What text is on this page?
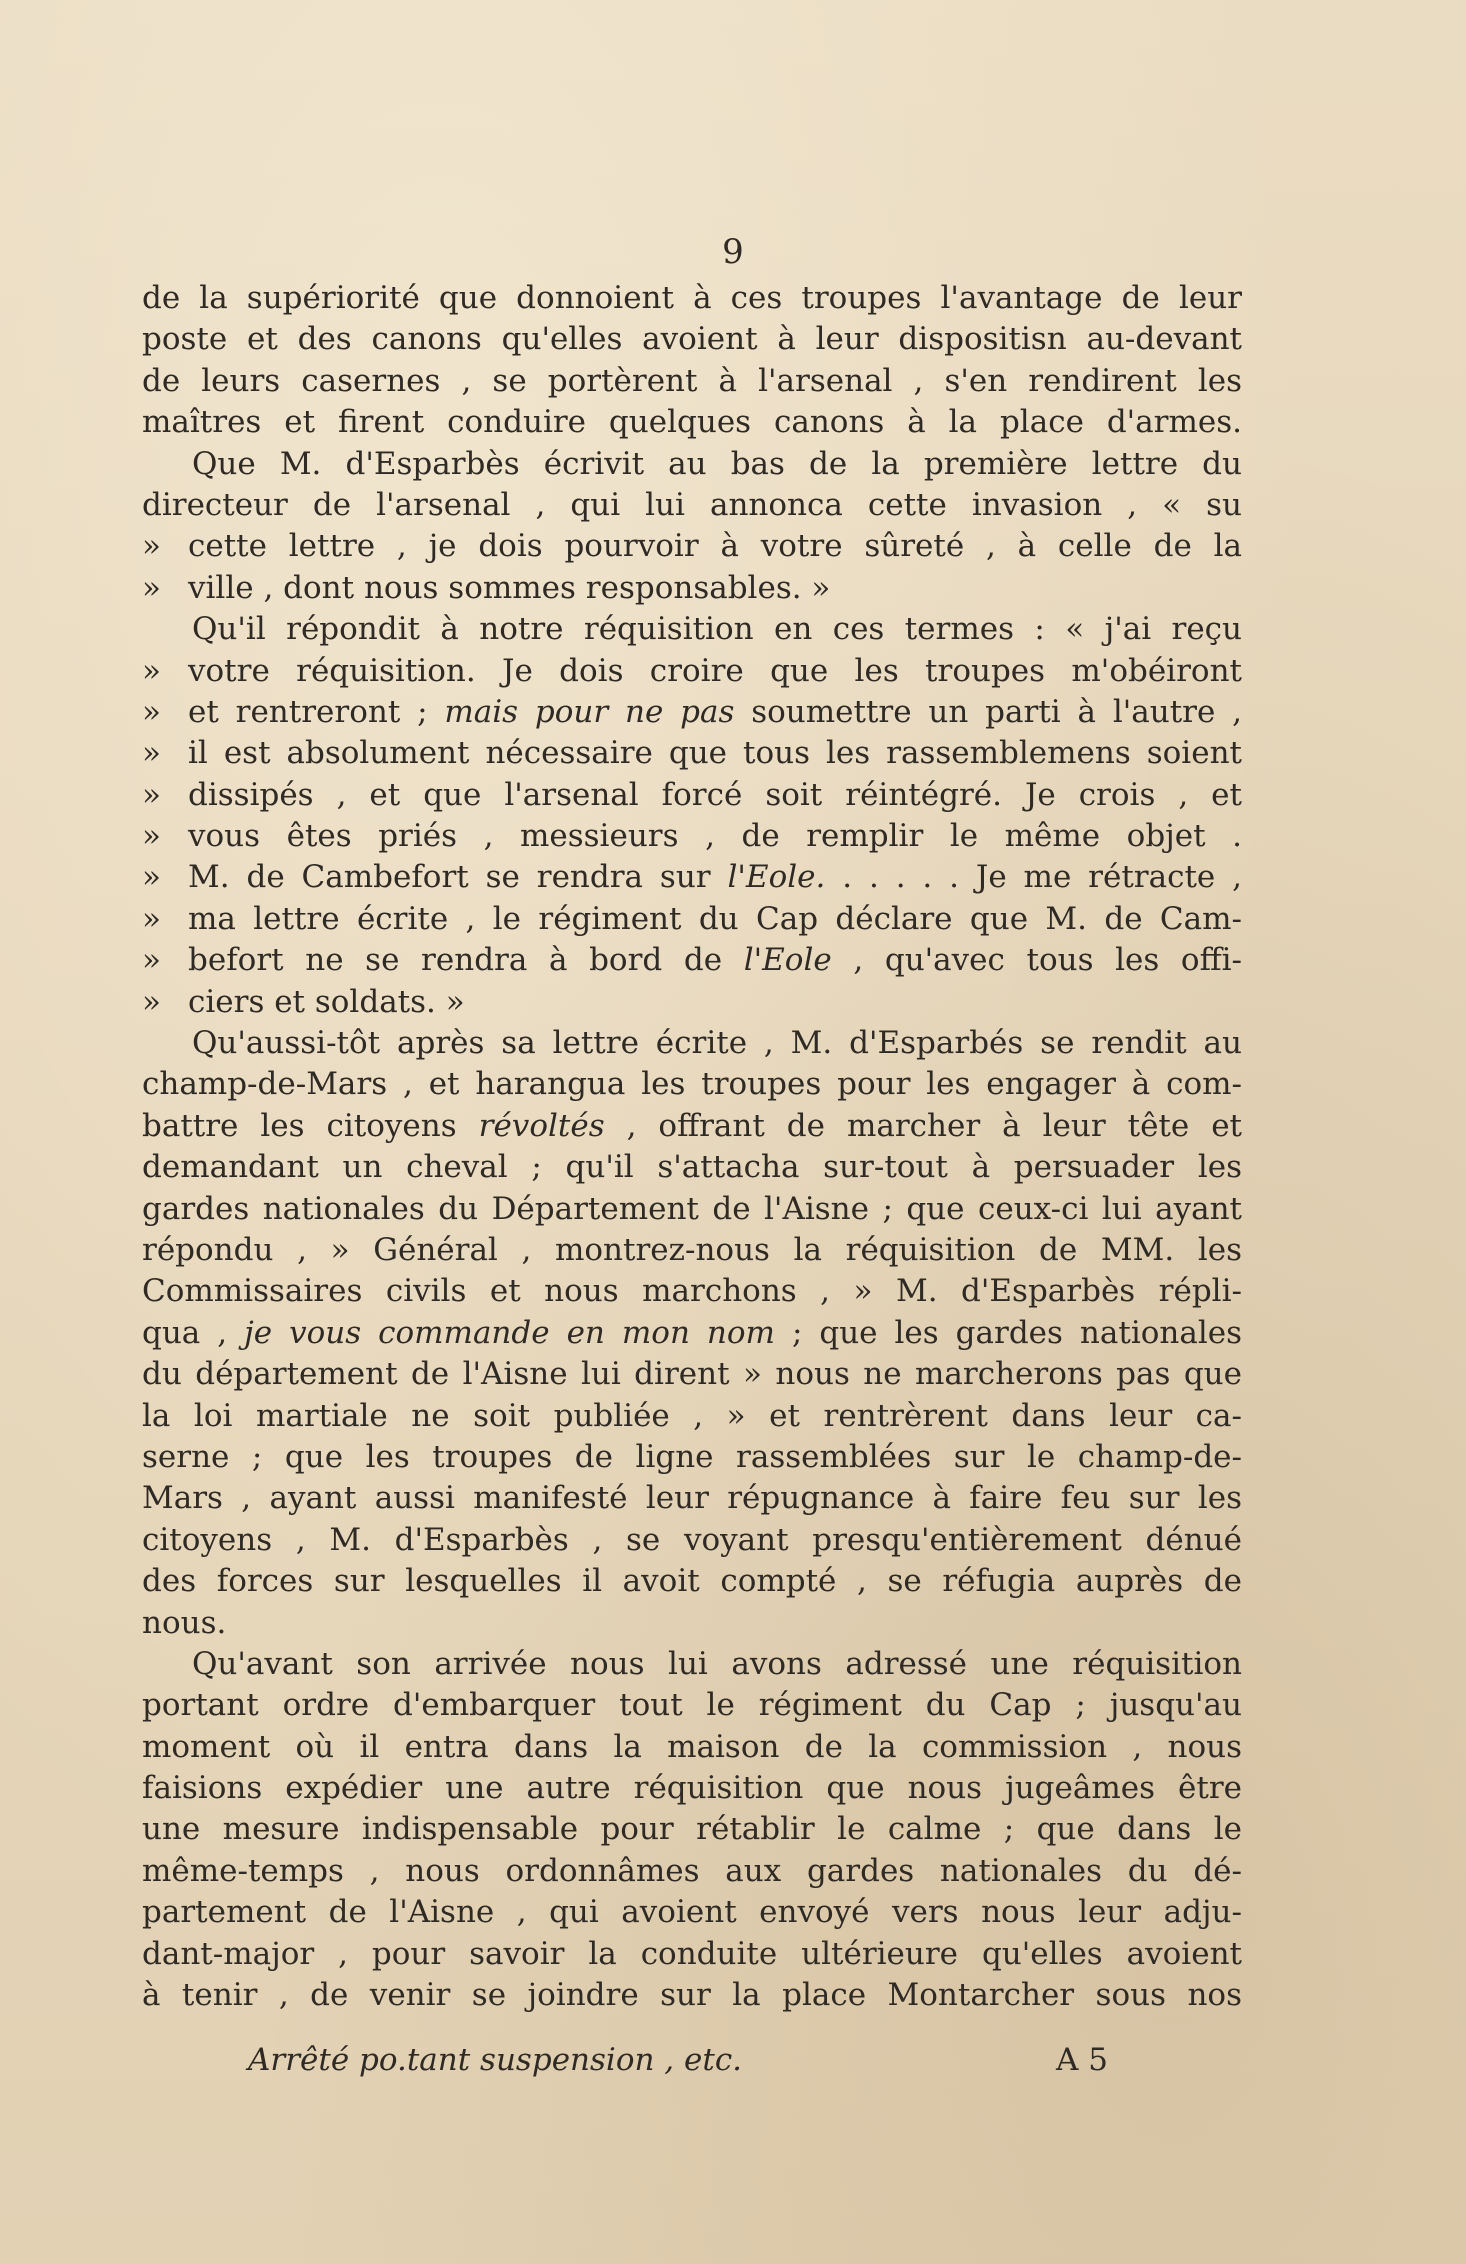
9
de la supériorité que donnoient à ces troupes l'avantage de leur
poste et des canons qu'elles avoient à leur dispositisn au-devant
de leurs casernes , se portèrent à l'arsenal , s'en rendirent les
maîtres et firent conduire quelques canons à la place d'armes.
Que M. d'Esparbès écrivit au bas de la première lettre du
directeur de l'arsenal , qui lui annonca cette invasion , « su
» cette lettre , je dois pourvoir à votre sûreté , à celle de la
» ville , dont nous sommes responsables. »
Qu'il répondit à notre réquisition en ces termes : « j'ai reçu
» votre réquisition. Je dois croire que les troupes m'obéiront
» et rentreront ; mais pour ne pas soumettre un parti à l'autre ,
» il est absolument nécessaire que tous les rassemblemens soient
» dissipés , et que l'arsenal forcé soit réintégré. Je crois , et
» vous êtes priés , messieurs , de remplir le même objet .
» M. de Cambefort se rendra sur l'Eole. . . . . . Je me rétracte ,
» ma lettre écrite , le régiment du Cap déclare que M. de Cam-
» befort ne se rendra à bord de l'Eole , qu'avec tous les offi-
» ciers et soldats. »
Qu'aussi-tôt après sa lettre écrite , M. d'Esparbés se rendit au
champ-de-Mars , et harangua les troupes pour les engager à com-
battre les citoyens révoltés , offrant de marcher à leur tête et
demandant un cheval ; qu'il s'attacha sur-tout à persuader les
gardes nationales du Département de l'Aisne ; que ceux-ci lui ayant
répondu , » Général , montrez-nous la réquisition de MM. les
Commissaires civils et nous marchons , » M. d'Esparbès répli-
qua , je vous commande en mon nom ; que les gardes nationales
du département de l'Aisne lui dirent » nous ne marcherons pas que
la loi martiale ne soit publiée , » et rentrèrent dans leur ca-
serne ; que les troupes de ligne rassemblées sur le champ-de-
Mars , ayant aussi manifesté leur répugnance à faire feu sur les
citoyens , M. d'Esparbès , se voyant presqu'entièrement dénué
des forces sur lesquelles il avoit compté , se réfugia auprès de
nous.
Qu'avant son arrivée nous lui avons adressé une réquisition
portant ordre d'embarquer tout le régiment du Cap ; jusqu'au
moment où il entra dans la maison de la commission , nous
faisions expédier une autre réquisition que nous jugeâmes être
une mesure indispensable pour rétablir le calme ; que dans le
même-temps , nous ordonnâmes aux gardes nationales du dé-
partement de l'Aisne , qui avoient envoyé vers nous leur adju-
dant-major , pour savoir la conduite ultérieure qu'elles avoient
à tenir , de venir se joindre sur la place Montarcher sous nos
Arrêté po.tant suspension , etc.	A 5
